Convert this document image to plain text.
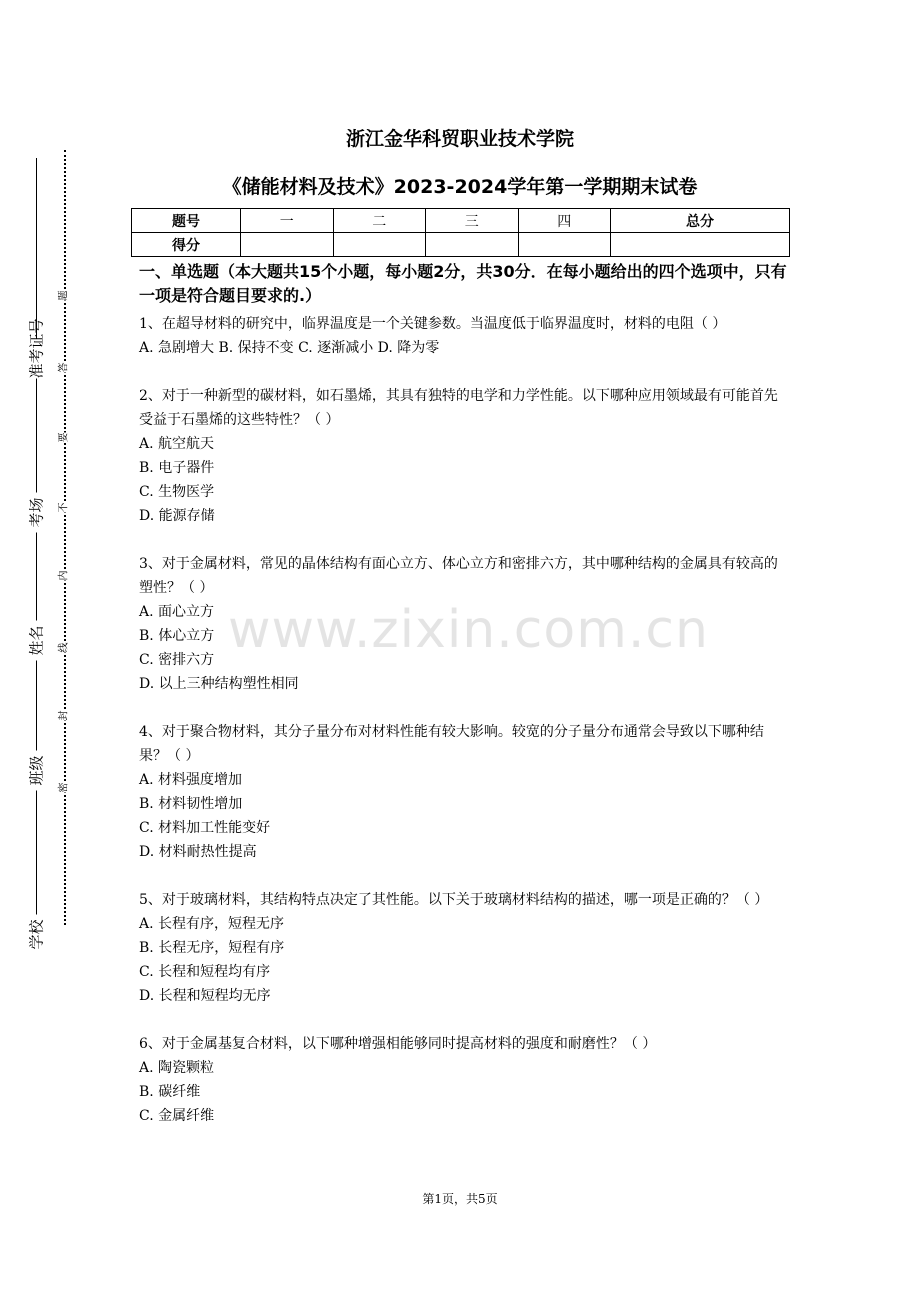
准考证号
考场
姓名
班级
学校
题
答
要
不
内
线
封
密
www.zixin.com.cn
浙江金华科贸职业技术学院
《储能材料及技术》2023-2024学年第一学期期末试卷
题号	一	二	三	四	总分
得分					

一、单选题（本大题共15个小题，每小题2分，共30分．在每小题给出的四个选项中，只有一项是符合题目要求的.）

1、在超导材料的研究中，临界温度是一个关键参数。当温度低于临界温度时，材料的电阻（ ）

A. 急剧增大 B. 保持不变 C. 逐渐减小 D. 降为零

2、对于一种新型的碳材料，如石墨烯，其具有独特的电学和力学性能。以下哪种应用领域最有可能首先受益于石墨烯的这些特性？（ ）

A. 航空航天

B. 电子器件

C. 生物医学

D. 能源存储

3、对于金属材料，常见的晶体结构有面心立方、体心立方和密排六方，其中哪种结构的金属具有较高的塑性？（ ）

A. 面心立方

B. 体心立方

C. 密排六方

D. 以上三种结构塑性相同

4、对于聚合物材料，其分子量分布对材料性能有较大影响。较宽的分子量分布通常会导致以下哪种结果？（ ）

A. 材料强度增加

B. 材料韧性增加

C. 材料加工性能变好

D. 材料耐热性提高

5、对于玻璃材料，其结构特点决定了其性能。以下关于玻璃材料结构的描述，哪一项是正确的？（ ）

A. 长程有序，短程无序

B. 长程无序，短程有序

C. 长程和短程均有序

D. 长程和短程均无序

6、对于金属基复合材料，以下哪种增强相能够同时提高材料的强度和耐磨性？（ ）

A. 陶瓷颗粒

B. 碳纤维

C. 金属纤维

第1页，共5页
